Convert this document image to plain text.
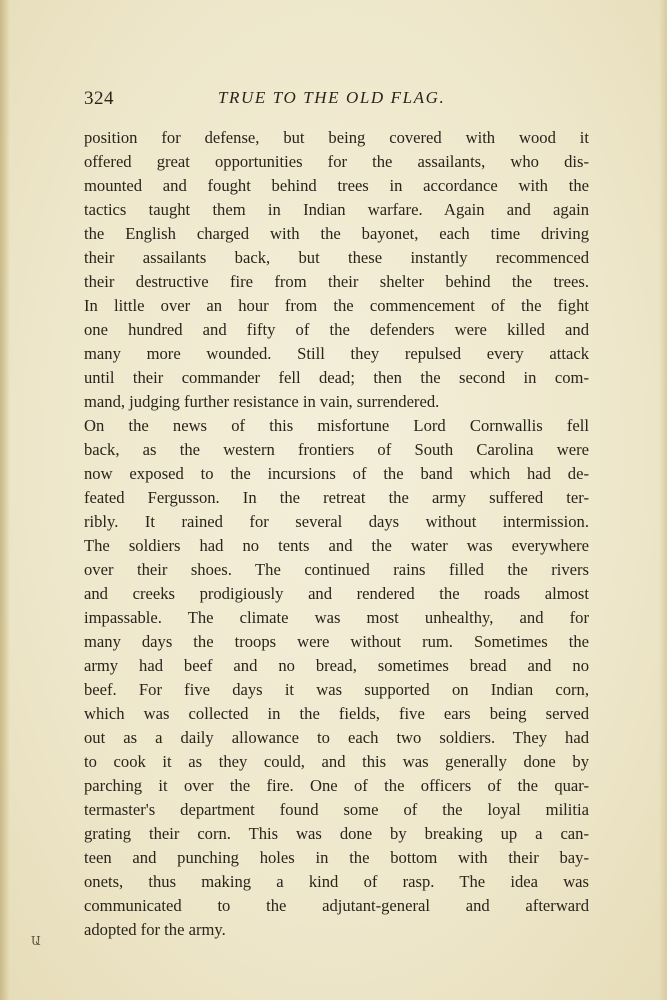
324	TRUE TO THE OLD FLAG.
position for defense, but being covered with wood it
offered great opportunities for the assailants, who dis-
mounted and fought behind trees in accordance with the
tactics taught them in Indian warfare. Again and again
the English charged with the bayonet, each time driving
their assailants back, but these instantly recommenced
their destructive fire from their shelter behind the trees.
In little over an hour from the commencement of the fight
one hundred and fifty of the defenders were killed and
many more wounded. Still they repulsed every attack
until their commander fell dead; then the second in com-
mand, judging further resistance in vain, surrendered.
On the news of this misfortune Lord Cornwallis fell
back, as the western frontiers of South Carolina were
now exposed to the incursions of the band which had de-
feated Fergusson. In the retreat the army suffered ter-
ribly. It rained for several days without intermission.
The soldiers had no tents and the water was everywhere
over their shoes. The continued rains filled the rivers
and creeks prodigiously and rendered the roads almost
impassable. The climate was most unhealthy, and for
many days the troops were without rum. Sometimes the
army had beef and no bread, sometimes bread and no
beef. For five days it was supported on Indian corn,
which was collected in the fields, five ears being served
out as a daily allowance to each two soldiers. They had
to cook it as they could, and this was generally done by
parching it over the fire. One of the officers of the quar-
termaster's department found some of the loyal militia
grating their corn. This was done by breaking up a can-
teen and punching holes in the bottom with their bay-
onets, thus making a kind of rasp. The idea was
communicated to the adjutant-general and afterward
adopted for the army.
Ա
